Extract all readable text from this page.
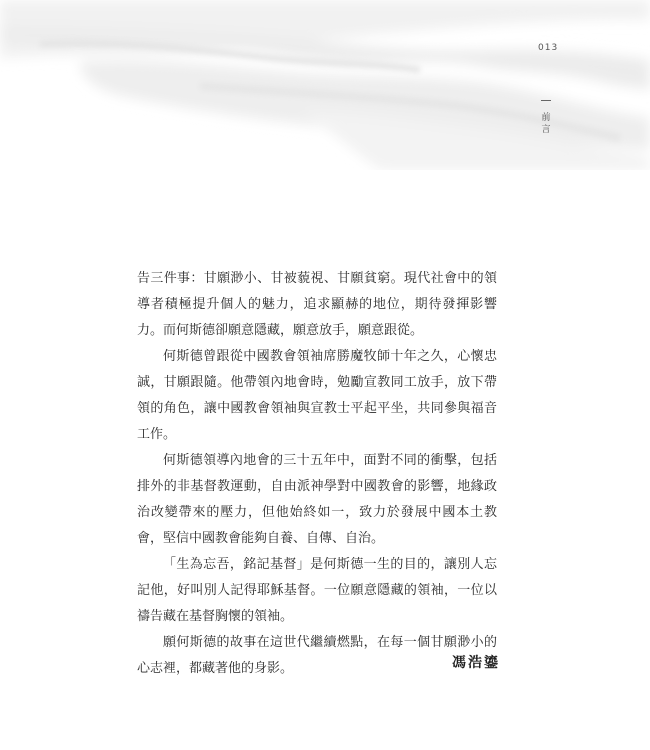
013
前
言

告三件事：甘願渺小、甘被藐視、甘願貧窮。現代社會中的領導者積極提升個人的魅力，追求顯赫的地位，期待發揮影響力。而何斯德卻願意隱藏，願意放手，願意跟從。

何斯德曾跟從中國教會領袖席勝魔牧師十年之久，心懷忠誠，甘願跟隨。他帶領內地會時，勉勵宣教同工放手，放下帶領的角色，讓中國教會領袖與宣教士平起平坐，共同參與福音工作。

何斯德領導內地會的三十五年中，面對不同的衝擊，包括排外的非基督教運動，自由派神學對中國教會的影響，地緣政治改變帶來的壓力，但他始終如一，致力於發展中國本土教會，堅信中國教會能夠自養、自傳、自治。

「生為忘吾，銘記基督」是何斯德一生的目的，讓別人忘記他，好叫別人記得耶穌基督。一位願意隱藏的領袖，一位以禱告藏在基督胸懷的領袖。

願何斯德的故事在這世代繼續燃點，在每一個甘願渺小的心志裡，都藏著他的身影。	馮浩鎏
